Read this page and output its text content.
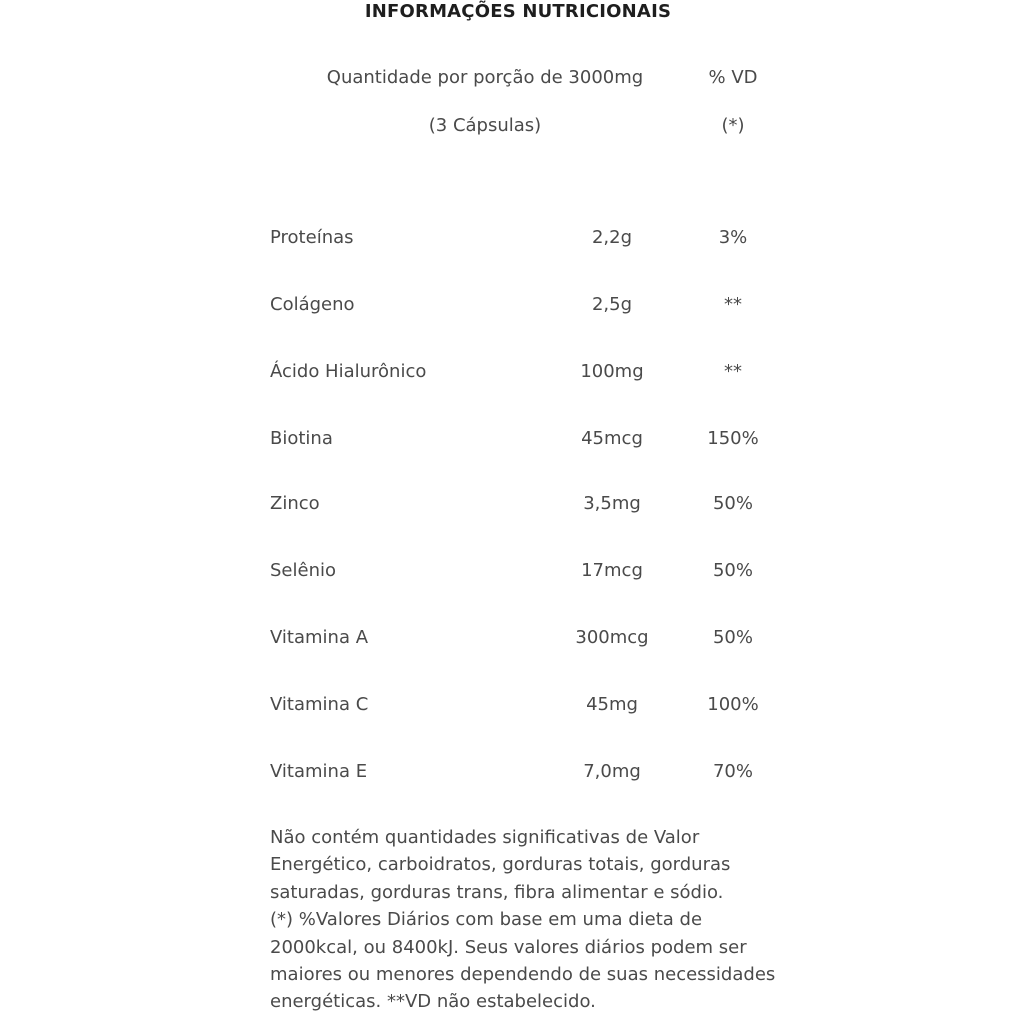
INFORMAÇÕES NUTRICIONAIS
Quantidade por porção de 3000mg	% VD
(3 Cápsulas)	(*)
Proteínas	2,2g	3%
Colágeno	2,5g	**
Ácido Hialurônico	100mg	**
Biotina	45mcg	150%
Zinco	3,5mg	50%
Selênio	17mcg	50%
Vitamina A	300mcg	50%
Vitamina C	45mg	100%
Vitamina E	7,0mg	70%

Não contém quantidades significativas de Valor Energético, carboidratos, gorduras totais, gorduras saturadas, gorduras trans, fibra alimentar e sódio.

(*) %Valores Diários com base em uma dieta de 2000kcal, ou 8400kJ. Seus valores diários podem ser maiores ou menores dependendo de suas necessidades energéticas. **VD não estabelecido.
